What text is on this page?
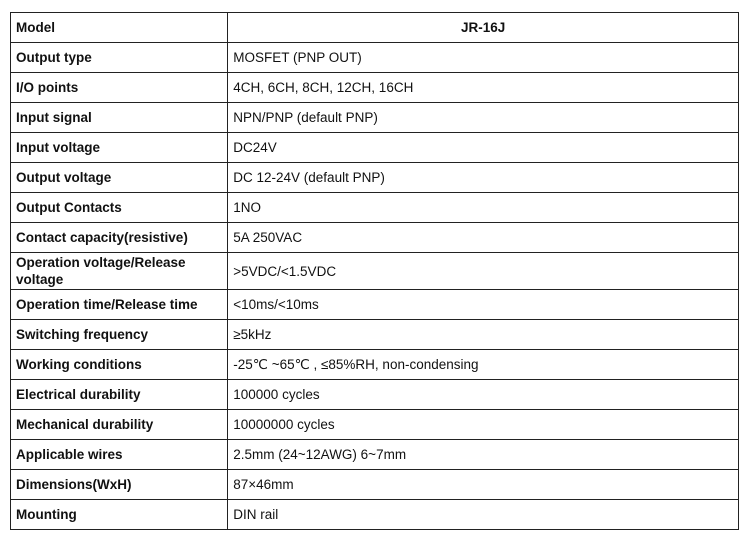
Model	JR-16J
Output type	MOSFET (PNP OUT)
I/O points	4CH, 6CH, 8CH, 12CH, 16CH
Input signal	NPN/PNP (default PNP)
Input voltage	DC24V
Output voltage	DC 12-24V (default PNP)
Output Contacts	1NO
Contact capacity(resistive)	5A 250VAC
Operation voltage/Release voltage	>5VDC/<1.5VDC
Operation time/Release time	<10ms/<10ms
Switching frequency	≥5kHz
Working conditions	-25℃ ~65℃ , ≤85%RH, non-condensing
Electrical durability	100000 cycles
Mechanical durability	10000000 cycles
Applicable wires	2.5mm (24~12AWG) 6~7mm
Dimensions(WxH)	87×46mm
Mounting	DIN rail
